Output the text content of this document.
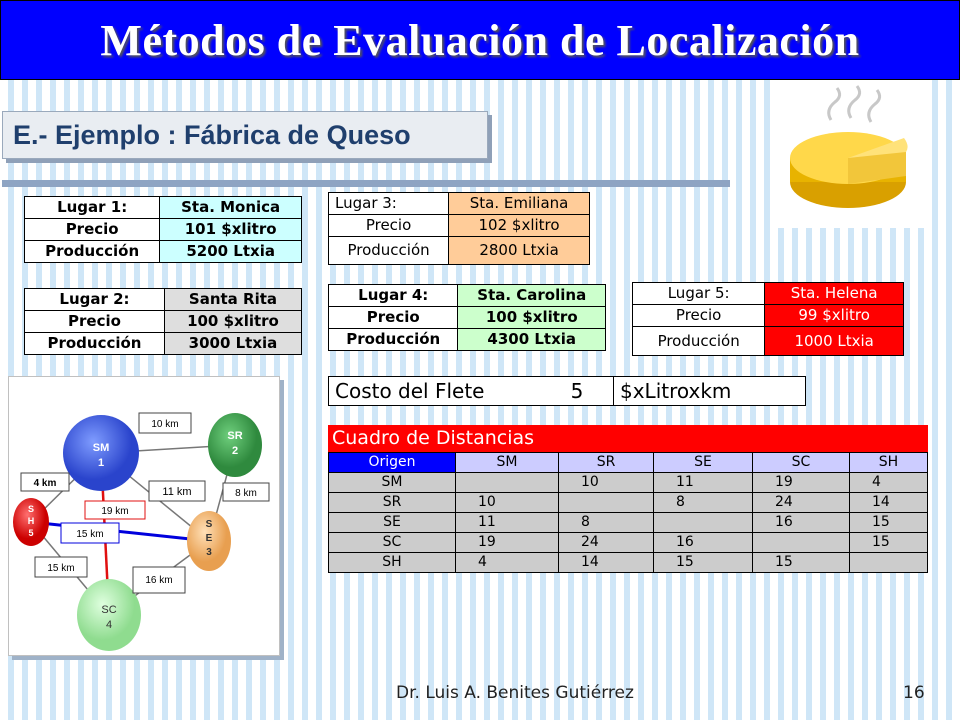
Métodos de Evaluación de Localización
E.- Ejemplo : Fábrica de Queso
Lugar 1:	Sta. Monica
Precio	101 $xlitro
Producción	5200 Ltxia
Lugar 2:	Santa Rita
Precio	100 $xlitro
Producción	3000 Ltxia
Lugar 3:	Sta. Emiliana
Precio	102 $xlitro
Producción	2800 Ltxia
Lugar 4:	Sta. Carolina
Precio	100 $xlitro
Producción	4300 Ltxia
Lugar 5:	Sta. Helena
Precio	99 $xlitro
Producción	1000 Ltxia
Costo del Flete	5	$xLitroxkm
Cuadro de Distancias
Origen	SM	SR	SE	SC	SH
SM		10	11	19	4
SR	10		8	24	14
SE	11	8		16	15
SC	19	24	16		15
SH	4	14	15	15	
SM
1
SR
2
S
E
3
SC
4
S
H
5
10 km
4 km
11 km	8 km
19 km
15 km
15 km
16 km
Dr. Luis A. Benites Gutiérrez	16
